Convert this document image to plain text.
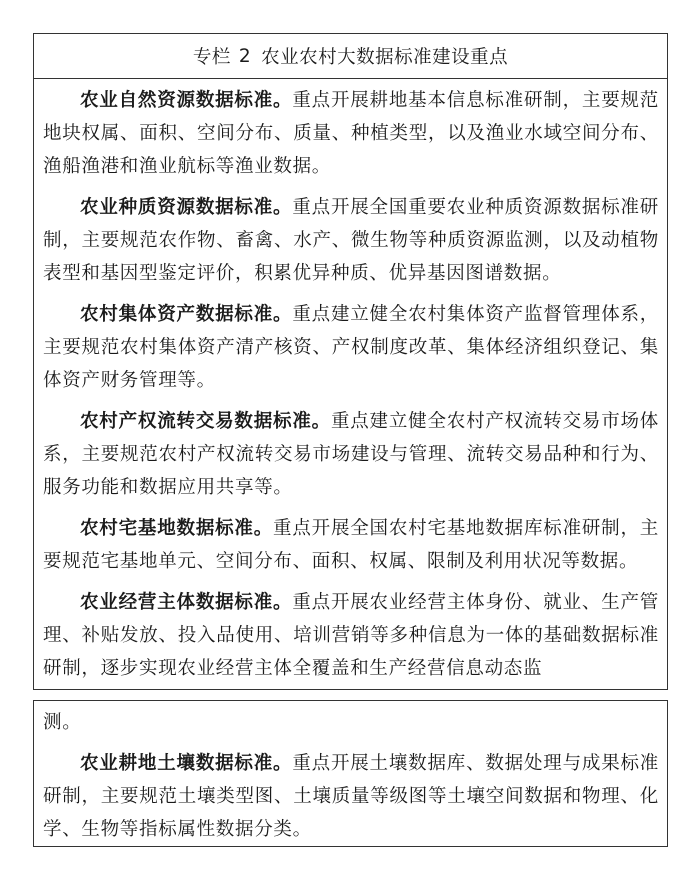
专栏 2 农业农村大数据标准建设重点

农业自然资源数据标准。重点开展耕地基本信息标准研制，主要规范地块权属、面积、空间分布、质量、种植类型，以及渔业水域空间分布、渔船渔港和渔业航标等渔业数据。

农业种质资源数据标准。重点开展全国重要农业种质资源数据标准研制，主要规范农作物、畜禽、水产、微生物等种质资源监测，以及动植物表型和基因型鉴定评价，积累优异种质、优异基因图谱数据。

农村集体资产数据标准。重点建立健全农村集体资产监督管理体系，主要规范农村集体资产清产核资、产权制度改革、集体经济组织登记、集体资产财务管理等。

农村产权流转交易数据标准。重点建立健全农村产权流转交易市场体系，主要规范农村产权流转交易市场建设与管理、流转交易品种和行为、服务功能和数据应用共享等。

农村宅基地数据标准。重点开展全国农村宅基地数据库标准研制，主要规范宅基地单元、空间分布、面积、权属、限制及利用状况等数据。

农业经营主体数据标准。重点开展农业经营主体身份、就业、生产管理、补贴发放、投入品使用、培训营销等多种信息为一体的基础数据标准研制，逐步实现农业经营主体全覆盖和生产经营信息动态监

测。

农业耕地土壤数据标准。重点开展土壤数据库、数据处理与成果标准研制，主要规范土壤类型图、土壤质量等级图等土壤空间数据和物理、化学、生物等指标属性数据分类。
